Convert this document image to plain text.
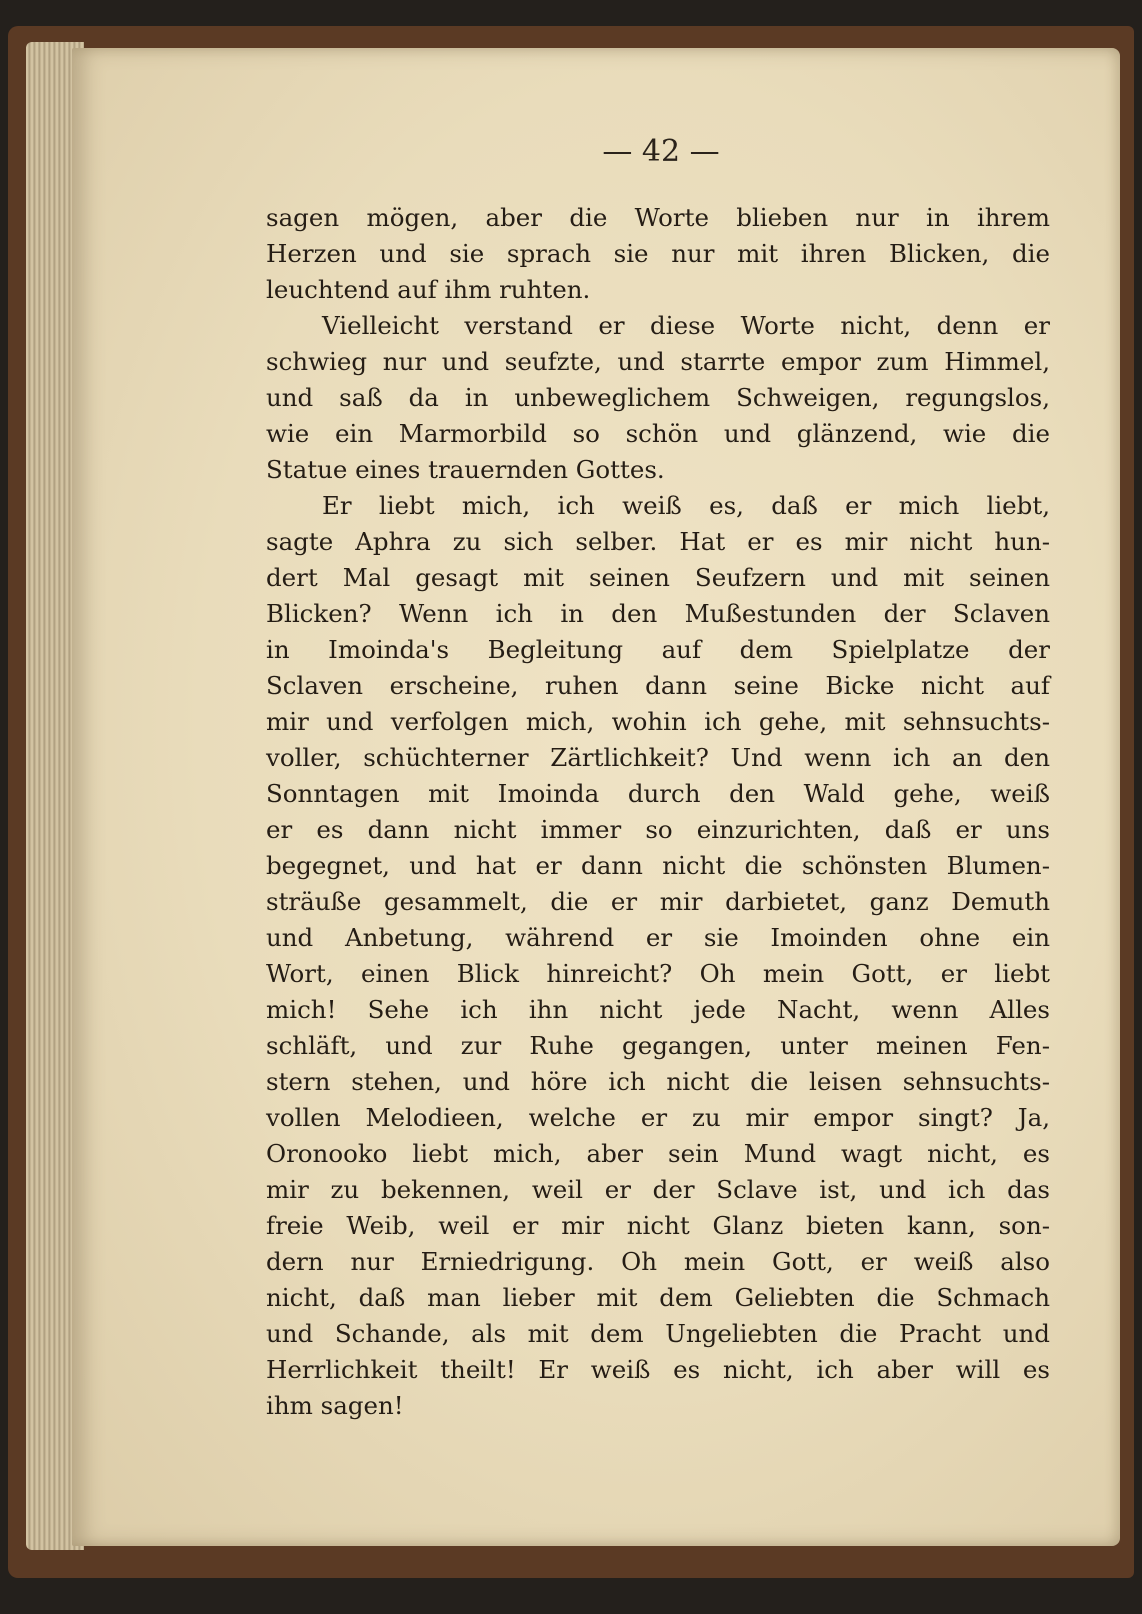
— 42 —
sagen mögen, aber die Worte blieben nur in ihrem
Herzen und sie sprach sie nur mit ihren Blicken, die
leuchtend auf ihm ruhten.
Vielleicht verstand er diese Worte nicht, denn er
schwieg nur und seufzte, und starrte empor zum Himmel,
und saß da in unbeweglichem Schweigen, regungslos,
wie ein Marmorbild so schön und glänzend, wie die
Statue eines trauernden Gottes.
Er liebt mich, ich weiß es, daß er mich liebt,
sagte Aphra zu sich selber. Hat er es mir nicht hun-
dert Mal gesagt mit seinen Seufzern und mit seinen
Blicken? Wenn ich in den Mußestunden der Sclaven
in Imoinda's Begleitung auf dem Spielplatze der
Sclaven erscheine, ruhen dann seine Bicke nicht auf
mir und verfolgen mich, wohin ich gehe, mit sehnsuchts-
voller, schüchterner Zärtlichkeit? Und wenn ich an den
Sonntagen mit Imoinda durch den Wald gehe, weiß
er es dann nicht immer so einzurichten, daß er uns
begegnet, und hat er dann nicht die schönsten Blumen-
sträuße gesammelt, die er mir darbietet, ganz Demuth
und Anbetung, während er sie Imoinden ohne ein
Wort, einen Blick hinreicht? Oh mein Gott, er liebt
mich! Sehe ich ihn nicht jede Nacht, wenn Alles
schläft, und zur Ruhe gegangen, unter meinen Fen-
stern stehen, und höre ich nicht die leisen sehnsuchts-
vollen Melodieen, welche er zu mir empor singt? Ja,
Oronooko liebt mich, aber sein Mund wagt nicht, es
mir zu bekennen, weil er der Sclave ist, und ich das
freie Weib, weil er mir nicht Glanz bieten kann, son-
dern nur Erniedrigung. Oh mein Gott, er weiß also
nicht, daß man lieber mit dem Geliebten die Schmach
und Schande, als mit dem Ungeliebten die Pracht und
Herrlichkeit theilt! Er weiß es nicht, ich aber will es
ihm sagen!
